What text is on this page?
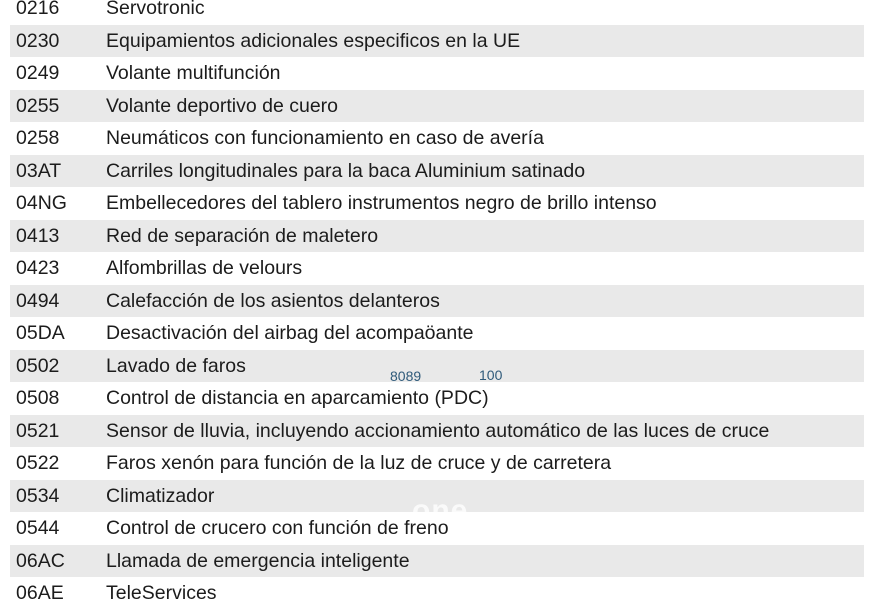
0216 Servotronic
0230 Equipamientos adicionales especificos en la UE
0249 Volante multifunción
0255 Volante deportivo de cuero
0258 Neumáticos con funcionamiento en caso de avería
03AT Carriles longitudinales para la baca Aluminium satinado
04NG Embellecedores del tablero instrumentos negro de brillo intenso
0413 Red de separación de maletero
0423 Alfombrillas de velours
0494 Calefacción de los asientos delanteros
05DA Desactivación del airbag del acompaöante
0502 Lavado de faros
0508 Control de distancia en aparcamiento (PDC)
0521 Sensor de lluvia, incluyendo accionamiento automático de las luces de cruce
0522 Faros xenón para función de la luz de cruce y de carretera
0534 Climatizador
0544 Control de crucero con función de freno
06AC Llamada de emergencia inteligente
06AE TeleServices
8089	100
one
